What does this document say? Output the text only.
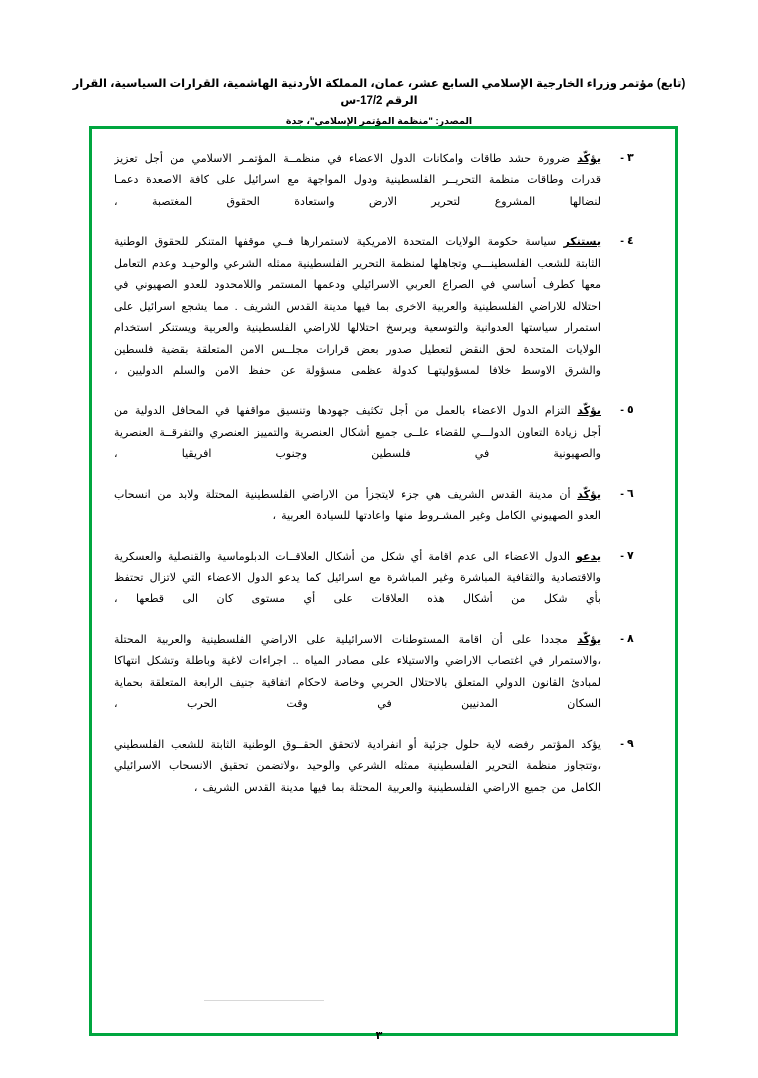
(تابع) مؤتمر وزراء الخارجية الإسلامي السابع عشر، عمان، المملكة الأردنية الهاشمية، القرارات السياسية، القرار الرقم 17/2-س
المصدر: "منظمة المؤتمر الإسلامي"، جدة
٣ -
يؤكّد ضرورة حشد طاقات وامكانات الدول الاعضاء في منظمــة المؤتمـر الاسلامي من أجل تعزيز قدرات وطاقات منظمة التحريــر الفلسطينية ودول المواجهة مع اسرائيل على كافة الاصعدة دعمـا لنضالها المشروع لتحرير الارض واستعادة الحقوق المغتصبة ،
٤ -
يستنكر سياسة حكومة الولايات المتحدة الامريكية لاستمرارها فــي موقفها المتنكر للحقوق الوطنية الثابتة للشعب الفلسطينـــي وتجاهلها لمنظمة التحرير الفلسطينية ممثله الشرعي والوحيـد وعدم التعامل معها كطرف أساسي في الصراع العربي الاسرائيلي ودعمها المستمر واللامحدود للعدو الصهيوني في احتلاله للاراضي الفلسطينية والعربية الاخرى بما فيها مدينة القدس الشريف . مما يشجع اسرائيل على استمرار سياستها العدوانية والتوسعية ويرسخ احتلالها للاراضي الفلسطينية والعربية ويستنكر استخدام الولايات المتحدة لحق النقض لتعطيل صدور بعض قرارات مجلــس الامن المتعلقة بقضية فلسطين والشرق الاوسط خلافا لمسؤوليتهـا كدولة عظمى مسؤولة عن حفظ الامن والسلم الدوليين ،
٥ -
يؤكّد التزام الدول الاعضاء بالعمل من أجل تكثيف جهودها وتنسيق مواقفها في المحافل الدولية من أجل زيادة التعاون الدولـــي للقضاء علــى جميع أشكال العنصرية والتمييز العنصري والتفرقــة العنصرية والصهيونية في فلسطين وجنوب افريقيا ،
٦ -
يؤكّد أن مدينة القدس الشريف هي جزء لايتجزأ من الاراضي الفلسطينية المحتلة ولابد من انسحاب العدو الصهيوني الكامل وغير المشـروط منها واعادتها للسيادة العربية ،
٧ -
يدعو الدول الاعضاء الى عدم اقامة أي شكل من أشكال العلاقــات الدبلوماسية والقنصلية والعسكرية والاقتصادية والثقافية المباشرة وغير المباشرة مع اسرائيل كما يدعو الدول الاعضاء التي لاتزال تحتفظ بأي شكل من أشكال هذه العلاقات على أي مستوى كان الى قطعها ،
٨ -
يؤكّد مجددا على أن اقامة المستوطنات الاسرائيلية على الاراضي الفلسطينية والعربية المحتلة ،والاستمرار في اغتصاب الاراضي والاستيلاء على مصادر المياه .. اجراءات لاغية وباطلة وتشكل انتهاكا لمبادئ القانون الدولي المتعلق بالاحتلال الحربي وخاصة لاحكام اتفاقية جنيف الرابعة المتعلقة بحماية السكان المدنيين في وقت الحرب ،
٩ -
يؤكد المؤتمر رفضه لاية حلول جزئية أو انفرادية لاتحقق الحقــوق الوطنية الثابتة للشعب الفلسطيني ،وتتجاوز منظمة التحرير الفلسطينية ممثله الشرعي والوحيد ،ولاتضمن تحقيق الانسحاب الاسرائيلي الكامل من جميع الاراضي الفلسطينية والعربية المحتلة بما فيها مدينة القدس الشريف ،
٣
